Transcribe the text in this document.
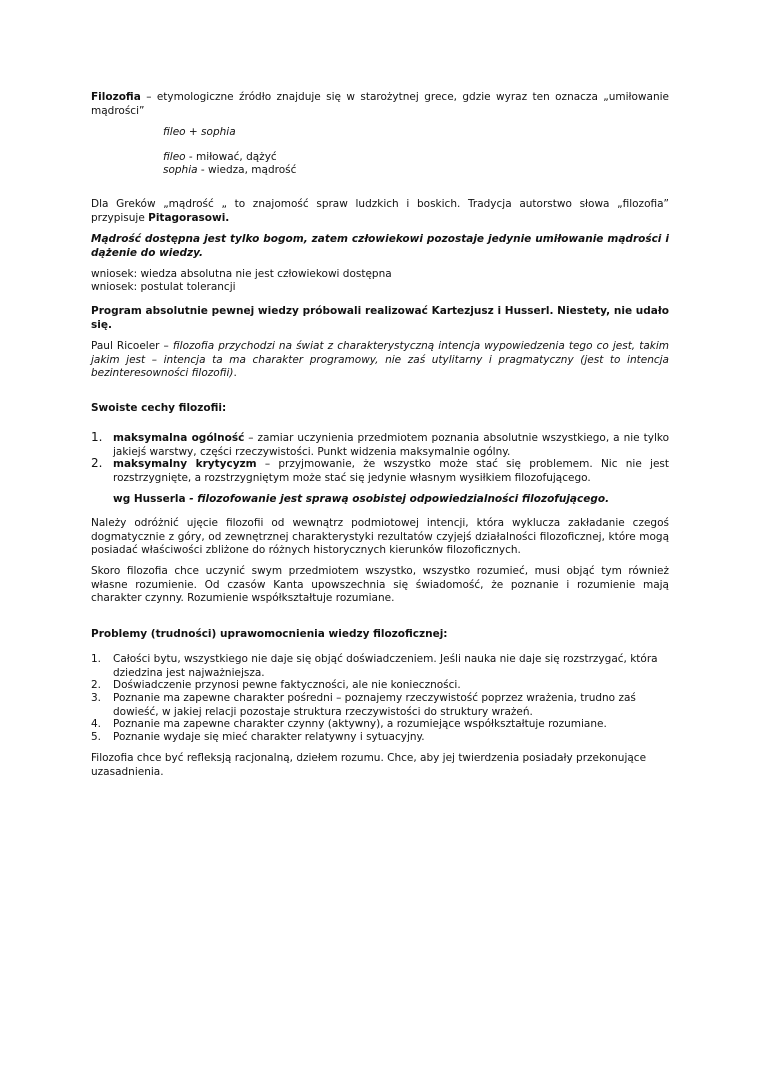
Filozofia – etymologiczne źródło znajduje się w starożytnej grece, gdzie wyraz ten oznacza „umiłowanie mądrości”

fileo + sophia

fileo - miłować, dążyć

sophia - wiedza, mądrość

Dla Greków „mądrość „ to znajomość spraw ludzkich i boskich. Tradycja autorstwo słowa „filozofia” przypisuje Pitagorasowi.

Mądrość dostępna jest tylko bogom, zatem człowiekowi pozostaje jedynie umiłowanie mądrości i dążenie do wiedzy.

wniosek: wiedza absolutna nie jest człowiekowi dostępna

wniosek: postulat tolerancji

Program absolutnie pewnej wiedzy próbowali realizować Kartezjusz i Husserl. Niestety, nie udało się.

Paul Ricoeler – filozofia przychodzi na świat z charakterystyczną intencja wypowiedzenia tego co jest, takim jakim jest – intencja ta ma charakter programowy, nie zaś utylitarny i pragmatyczny (jest to intencja bezinteresowności filozofii).

Swoiste cechy filozofii:

1. maksymalna ogólność – zamiar uczynienia przedmiotem poznania absolutnie wszystkiego, a nie tylko jakiejś warstwy, części rzeczywistości. Punkt widzenia maksymalnie ogólny.
2. maksymalny krytycyzm – przyjmowanie, że wszystko może stać się problemem. Nic nie jest rozstrzygnięte, a rozstrzygniętym może stać się jedynie własnym wysiłkiem filozofującego.

wg Husserla - filozofowanie jest sprawą osobistej odpowiedzialności filozofującego.

Należy odróżnić ujęcie filozofii od wewnątrz podmiotowej intencji, która wyklucza zakładanie czegoś dogmatycznie z góry, od zewnętrznej charakterystyki rezultatów czyjejś działalności filozoficznej, które mogą posiadać właściwości zbliżone do różnych historycznych kierunków filozoficznych.

Skoro filozofia chce uczynić swym przedmiotem wszystko, wszystko rozumieć, musi objąć tym również własne rozumienie. Od czasów Kanta upowszechnia się świadomość, że poznanie i rozumienie mają charakter czynny. Rozumienie współkształtuje rozumiane.

Problemy (trudności) uprawomocnienia wiedzy filozoficznej:

1. Całości bytu, wszystkiego nie daje się objąć doświadczeniem. Jeśli nauka nie daje się rozstrzygać, która dziedzina jest najważniejsza.
2. Doświadczenie przynosi pewne faktyczności, ale nie konieczności.
3. Poznanie ma zapewne charakter pośredni – poznajemy rzeczywistość poprzez wrażenia, trudno zaś dowieść, w jakiej relacji pozostaje struktura rzeczywistości do struktury wrażeń.
4. Poznanie ma zapewne charakter czynny (aktywny), a rozumiejące współkształtuje rozumiane.
5. Poznanie wydaje się mieć charakter relatywny i sytuacyjny.

Filozofia chce być refleksją racjonalną, dziełem rozumu. Chce, aby jej twierdzenia posiadały przekonujące uzasadnienia.
